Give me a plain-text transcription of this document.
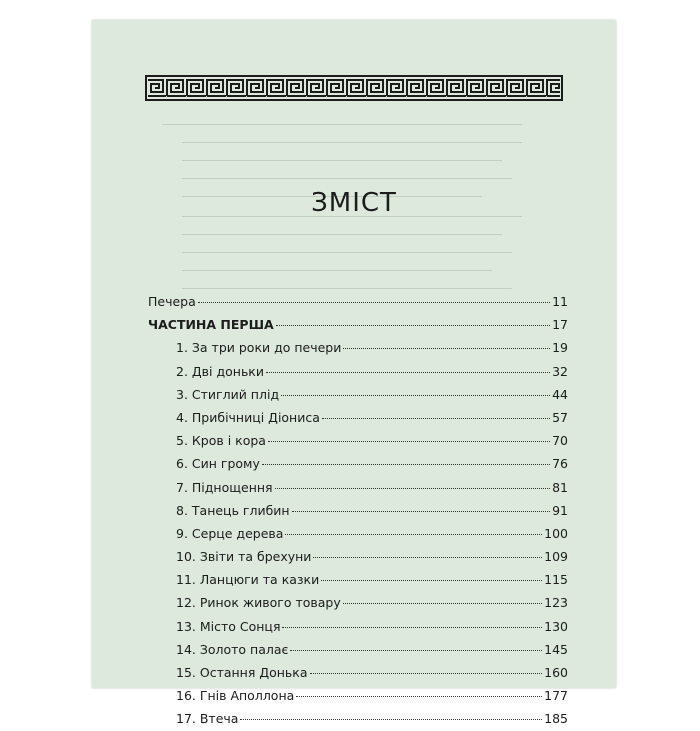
ЗМІСТ
Печера	11
ЧАСТИНА ПЕРША	17
1. За три роки до печери	19
2. Дві доньки	32
3. Стиглий плід	44
4. Прибічниці Діониса	57
5. Кров і кора	70
6. Син грому	76
7. Піднощення	81
8. Танець глибин	91
9. Серце дерева	100
10. Звіти та брехуни	109
11. Ланцюги та казки	115
12. Ринок живого товару	123
13. Місто Сонця	130
14. Золото палає	145
15. Остання Донька	160
16. Гнів Аполлона	177
17. Втеча	185
